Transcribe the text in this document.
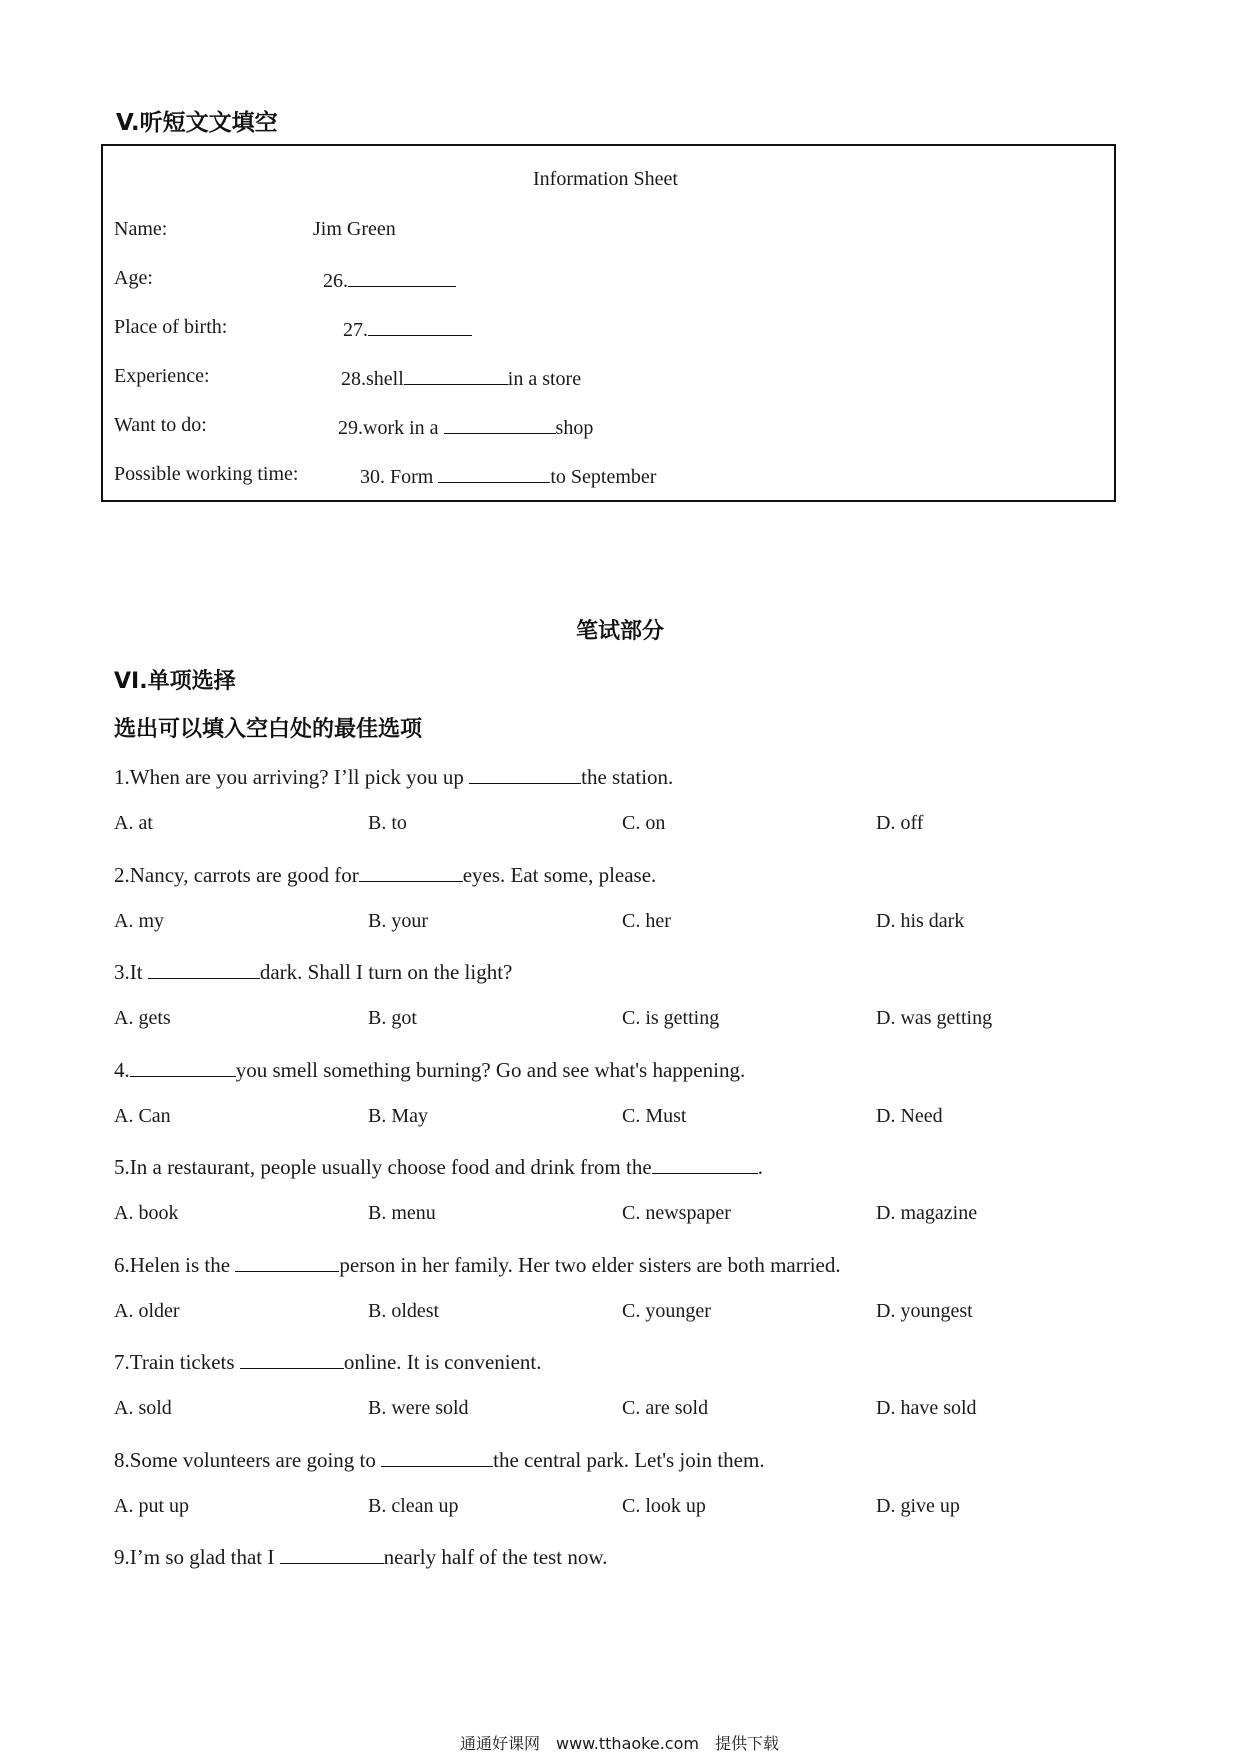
V.听短文文填空
Information Sheet
Name:	Jim Green
Age:	26.
Place of birth:	27.
Experience:	28.shell	in a store
Want to do:	29.work in a	shop
Possible working time:	30. Form	to September
笔试部分
VI.单项选择
选出可以填入空白处的最佳选项
1.When are you arriving? I’ll pick you up	the station.
A. at	B. to	C. on	D. off
2.Nancy, carrots are good for	eyes. Eat some, please.
A. my	B. your	C. her	D. his dark
3.It	dark. Shall I turn on the light?
A. gets	B. got	C. is getting	D. was getting
4.	you smell something burning? Go and see what's happening.
A. Can	B. May	C. Must	D. Need
5.In a restaurant, people usually choose food and drink from the	.
A. book	B. menu	C. newspaper	D. magazine
6.Helen is the	person in her family. Her two elder sisters are both married.
A. older	B. oldest	C. younger	D. youngest
7.Train tickets	online. It is convenient.
A. sold	B. were sold	C. are sold	D. have sold
8.Some volunteers are going to	the central park. Let's join them.
A. put up	B. clean up	C. look up	D. give up
9.I’m so glad that I	nearly half of the test now.
通通好课网　www.tthaoke.com　提供下载
